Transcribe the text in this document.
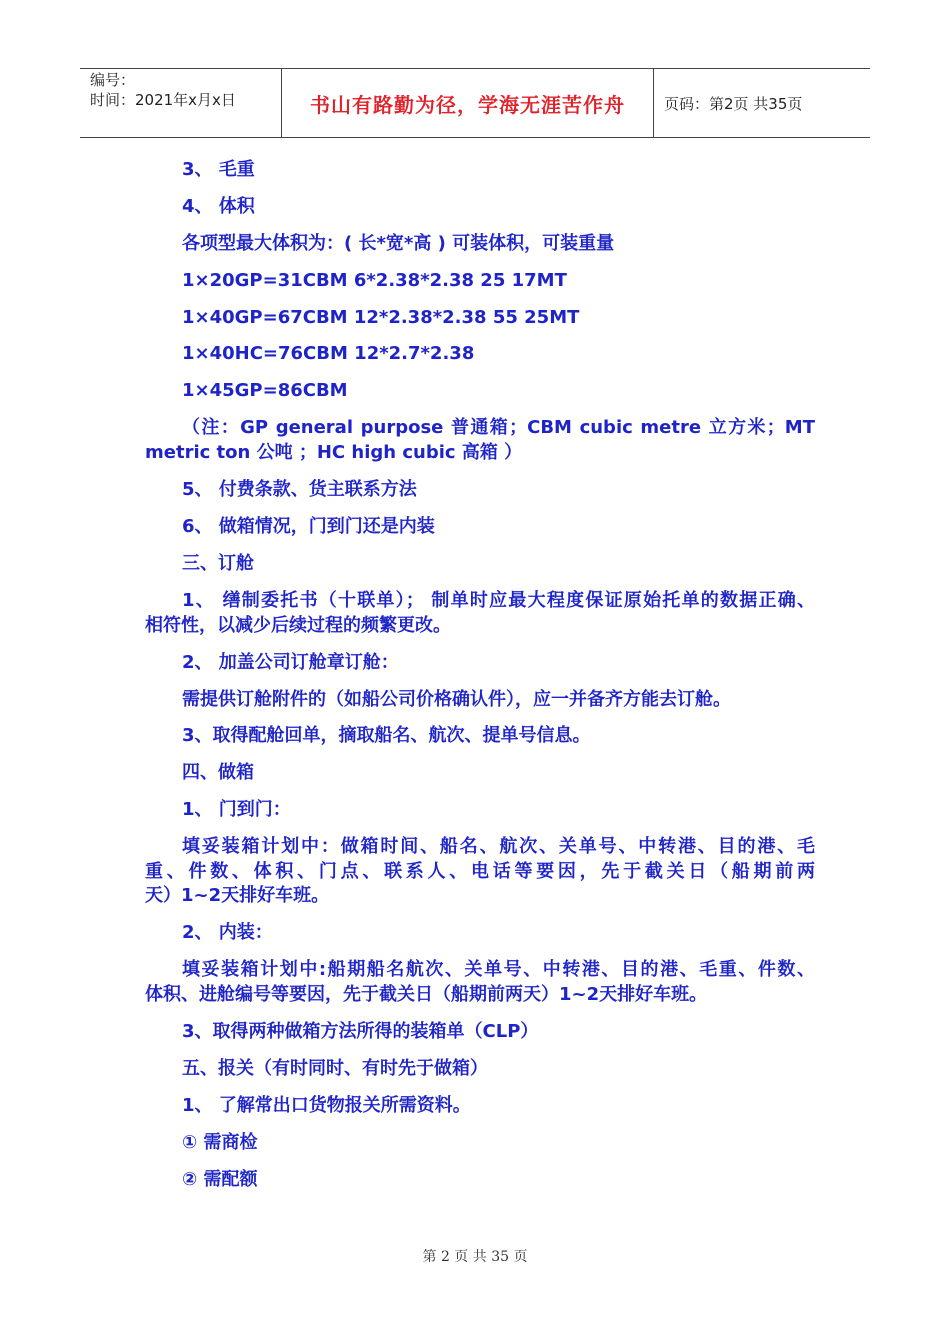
编号：
时间：2021年x月x日	书山有路勤为径，学海无涯苦作舟	页码：第2页 共35页
3、 毛重
4、 体积
各项型最大体积为：( 长*宽*高 ) 可装体积，可装重量
1×20GP=31CBM 6*2.38*2.38 25 17MT
1×40GP=67CBM 12*2.38*2.38 55 25MT
1×40HC=76CBM 12*2.7*2.38
1×45GP=86CBM
（注：GP general purpose 普通箱；CBM cubic metre 立方米；MT
metric ton 公吨 ；HC high cubic 高箱 ）
5、 付费条款、货主联系方法
6、 做箱情况，门到门还是内装
三、订舱
1、 缮制委托书（十联单）； 制单时应最大程度保证原始托单的数据正确、
相符性，以减少后续过程的频繁更改。
2、 加盖公司订舱章订舱：
需提供订舱附件的（如船公司价格确认件），应一并备齐方能去订舱。
3、取得配舱回单，摘取船名、航次、提单号信息。
四、做箱
1、 门到门：
填妥装箱计划中：做箱时间、船名、航次、关单号、中转港、目的港、毛
重、件数、体积、门点、联系人、电话等要因，先于截关日（船期前两
天）1~2天排好车班。
2、 内装：
填妥装箱计划中:船期船名航次、关单号、中转港、目的港、毛重、件数、
体积、进舱编号等要因，先于截关日（船期前两天）1~2天排好车班。
3、取得两种做箱方法所得的装箱单（CLP）
五、报关（有时同时、有时先于做箱）
1、 了解常出口货物报关所需资料。
① 需商检
② 需配额
第 2 页 共 35 页
